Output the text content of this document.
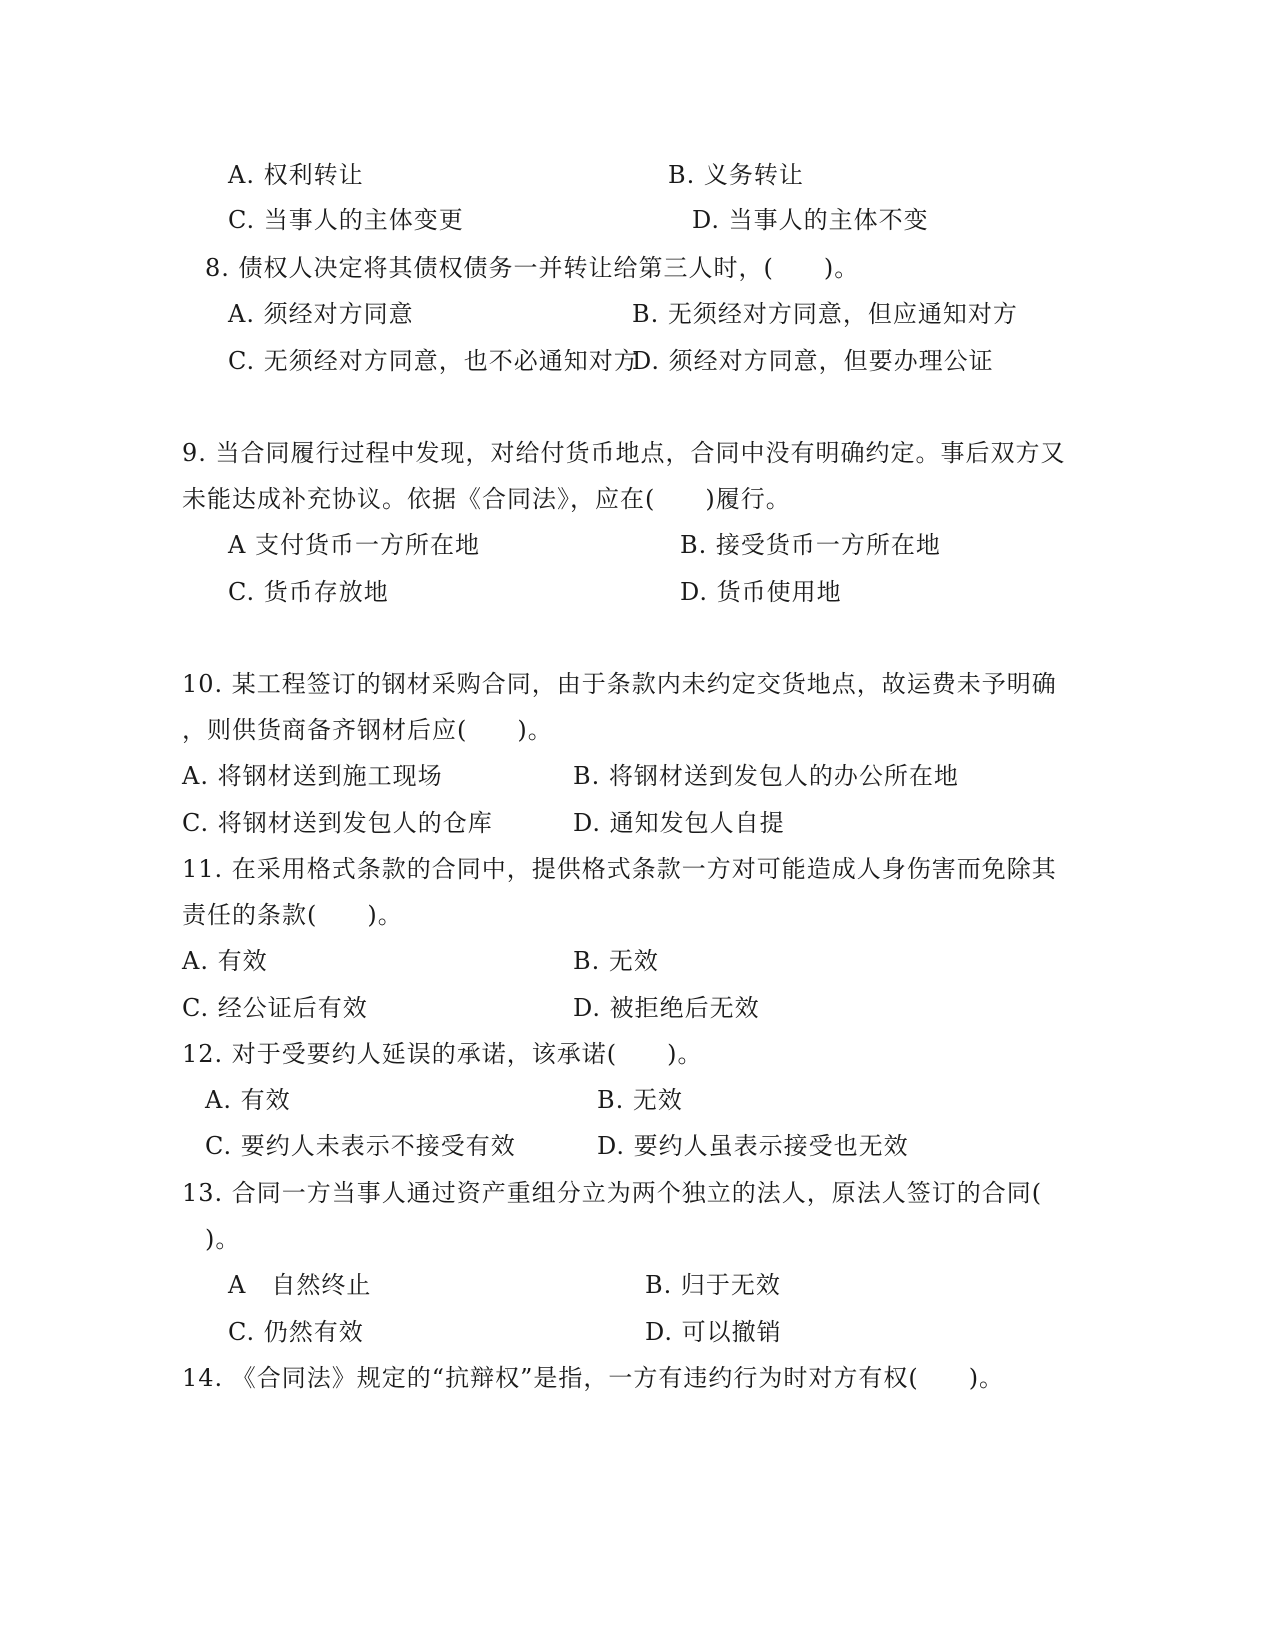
A. 权利转让	B. 义务转让

C. 当事人的主体变更	D. 当事人的主体不变

8. 债权人决定将其债权债务一并转让给第三人时，(　　)。

A. 须经对方同意	B. 无须经对方同意，但应通知对方

C. 无须经对方同意，也不必通知对方

D. 须经对方同意，但要办理公证

9. 当合同履行过程中发现，对给付货币地点，合同中没有明确约定。事后双方又

未能达成补充协议。依据《合同法》，应在(　　)履行。

A 支付货币一方所在地	B. 接受货币一方所在地

C. 货币存放地	D. 货币使用地

10. 某工程签订的钢材采购合同，由于条款内未约定交货地点，故运费未予明确

，则供货商备齐钢材后应(　　)。

A. 将钢材送到施工现场	B. 将钢材送到发包人的办公所在地

C. 将钢材送到发包人的仓库	D. 通知发包人自提

11. 在采用格式条款的合同中，提供格式条款一方对可能造成人身伤害而免除其

责任的条款(　　)。

A. 有效	B. 无效

C. 经公证后有效	D. 被拒绝后无效

12. 对于受要约人延误的承诺，该承诺(　　)。

A. 有效	B. 无效

C. 要约人未表示不接受有效	D. 要约人虽表示接受也无效

13. 合同一方当事人通过资产重组分立为两个独立的法人，原法人签订的合同(

)。

A　自然终止	B. 归于无效

C. 仍然有效	D. 可以撤销

14. 《合同法》规定的“抗辩权”是指，一方有违约行为时对方有权(　　)。
